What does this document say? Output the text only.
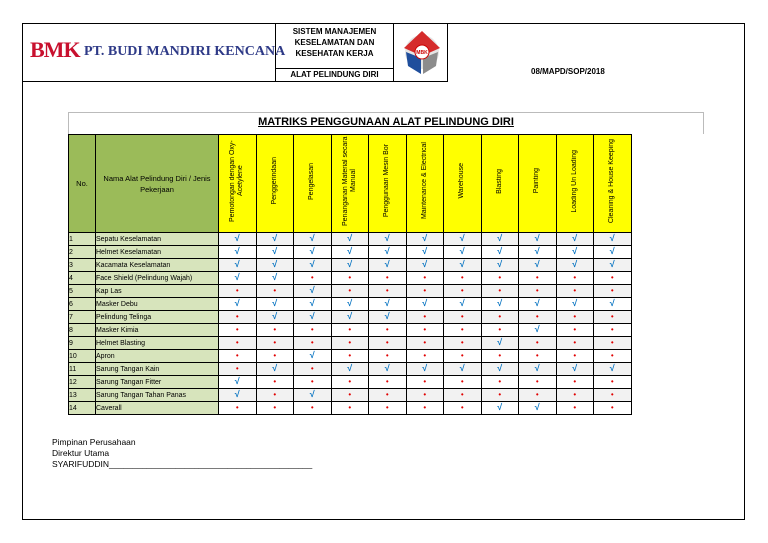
BMK PT. BUDI MANDIRI KENCANA
SISTEM MANAJEMEN
KESELAMATAN DAN
KESEHATAN KERJA
ALAT PELINDUNG DIRI
MBK
08/MAPD/SOP/2018
MATRIKS PENGGUNAAN ALAT PELINDUNG DIRI
No.	Nama Alat Pelindung Diri / Jenis Pekerjaan	Pemotongan dengan Oxy-Acetylene	Penggerindaan	Pengelasan	Penanganan Material secara Manual	Penggunaan Mesin Bor	Maintenance & Electrical	Warehouse	Blasting	Painting	Loading Un Loading	Cleaning & House Keeping
1	Sepatu Keselamatan	√	√	√	√	√	√	√	√	√	√	√
2	Helmet Keselamatan	√	√	√	√	√	√	√	√	√	√	√
3	Kacamata Keselamatan	√	√	√	√	√	√	√	√	√	√	√
4	Face Shield (Pelindung Wajah)	√	√	•	•	•	•	•	•	•	•	•
5	Kap Las	•	•	√	•	•	•	•	•	•	•	•
6	Masker Debu	√	√	√	√	√	√	√	√	√	√	√
7	Pelindung Telinga	•	√	√	√	√	•	•	•	•	•	•
8	Masker Kimia	•	•	•	•	•	•	•	•	√	•	•
9	Helmet Blasting	•	•	•	•	•	•	•	√	•	•	•
10	Apron	•	•	√	•	•	•	•	•	•	•	•
11	Sarung Tangan Kain	•	√	•	√	√	√	√	√	√	√	√
12	Sarung Tangan Fitter	√	•	•	•	•	•	•	•	•	•	•
13	Sarung Tangan Tahan Panas	√	•	√	•	•	•	•	•	•	•	•
14	Caverall	•	•	•	•	•	•	•	√	√	•	•
Pimpinan Perusahaan
Direktur Utama
SYARIFUDDIN___________________________________________
